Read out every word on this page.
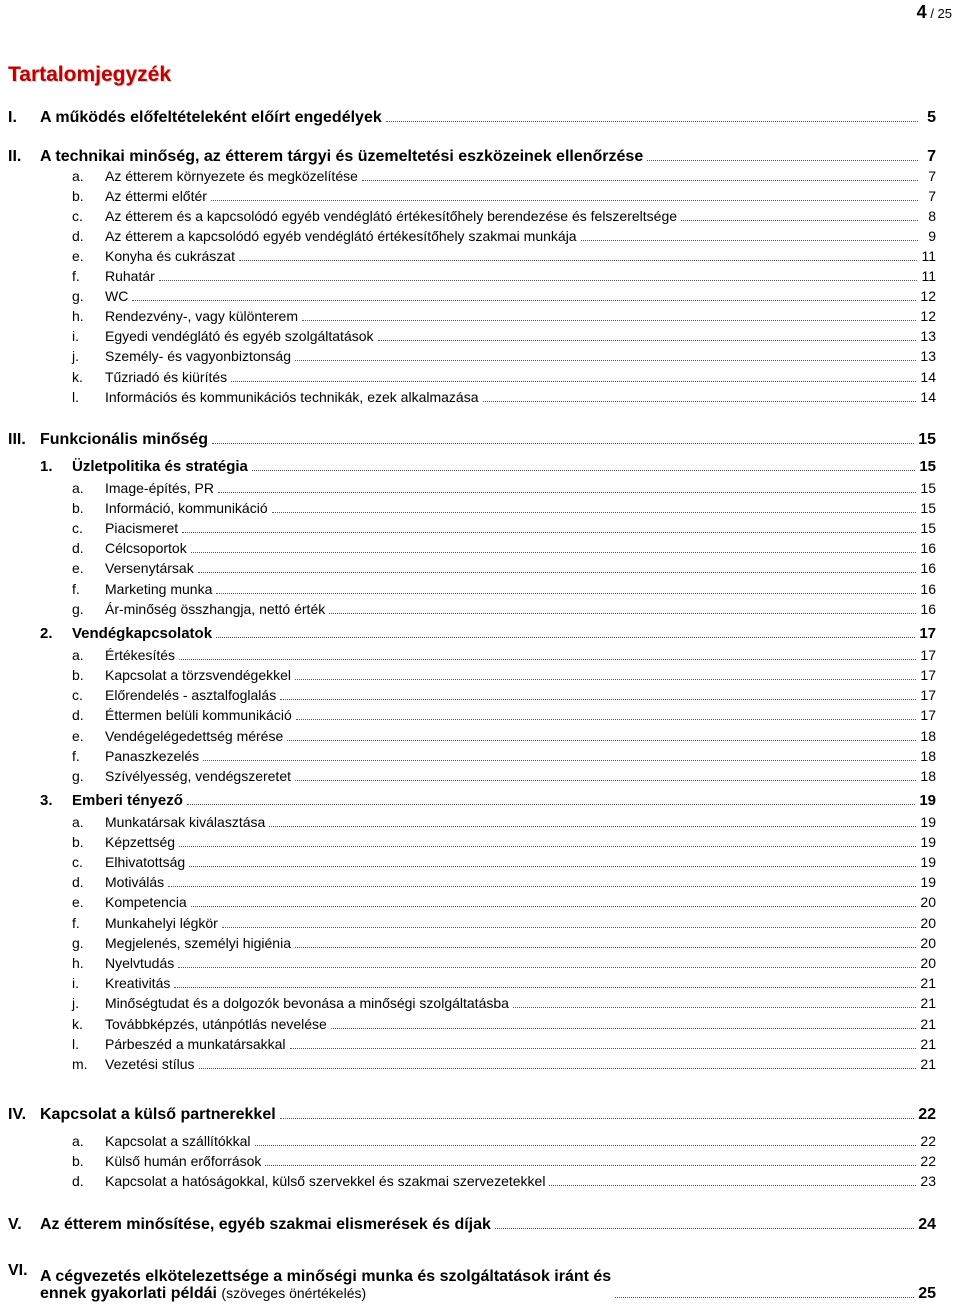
4 / 25
Tartalomjegyzék
I. A működés előfeltételeként előírt engedélyek	5
II. A technikai minőség, az étterem tárgyi és üzemeltetési eszközeinek ellenőrzése	7
a. Az étterem környezete és megközelítése	7
b. Az éttermi előtér	7
c. Az étterem és a kapcsolódó egyéb vendéglátó értékesítőhely berendezése és felszereltsége	8
d. Az étterem a kapcsolódó egyéb vendéglátó értékesítőhely szakmai munkája	9
e. Konyha és cukrászat	11
f. Ruhatár	11
g. WC	12
h. Rendezvény-, vagy különterem	12
i. Egyedi vendéglátó és egyéb szolgáltatások	13
j. Személy- és vagyonbiztonság	13
k. Tűzriadó és kiürítés	14
l. Információs és kommunikációs technikák, ezek alkalmazása	14
III. Funkcionális minőség	15
1. Üzletpolitika és stratégia	15
a. Image-építés, PR	15
b. Információ, kommunikáció	15
c. Piacismeret	15
d. Célcsoportok	16
e. Versenytársak	16
f. Marketing munka	16
g. Ár-minőség összhangja, nettó érték	16
2. Vendégkapcsolatok	17
a. Értékesítés	17
b. Kapcsolat a törzsvendégekkel	17
c. Előrendelés - asztalfoglalás	17
d. Éttermen belüli kommunikáció	17
e. Vendégelégedettség mérése	18
f. Panaszkezelés	18
g. Szívélyesség, vendégszeretet	18
3. Emberi tényező	19
a. Munkatársak kiválasztása	19
b. Képzettség	19
c. Elhivatottság	19
d. Motiválás	19
e. Kompetencia	20
f. Munkahelyi légkör	20
g. Megjelenés, személyi higiénia	20
h. Nyelvtudás	20
i. Kreativitás	21
j. Minőségtudat és a dolgozók bevonása a minőségi szolgáltatásba	21
k. Továbbképzés, utánpótlás nevelése	21
l. Párbeszéd a munkatársakkal	21
m. Vezetési stílus	21
IV. Kapcsolat a külső partnerekkel	22
a. Kapcsolat a szállítókkal	22
b. Külső humán erőforrások	22
d. Kapcsolat a hatóságokkal, külső szervekkel és szakmai szervezetekkel	23
V. Az étterem minősítése, egyéb szakmai elismerések és díjak	24
VI. A cégvezetés elkötelezettsége a minőségi munka és szolgáltatások iránt és
ennek gyakorlati példái (szöveges önértékelés)	25
